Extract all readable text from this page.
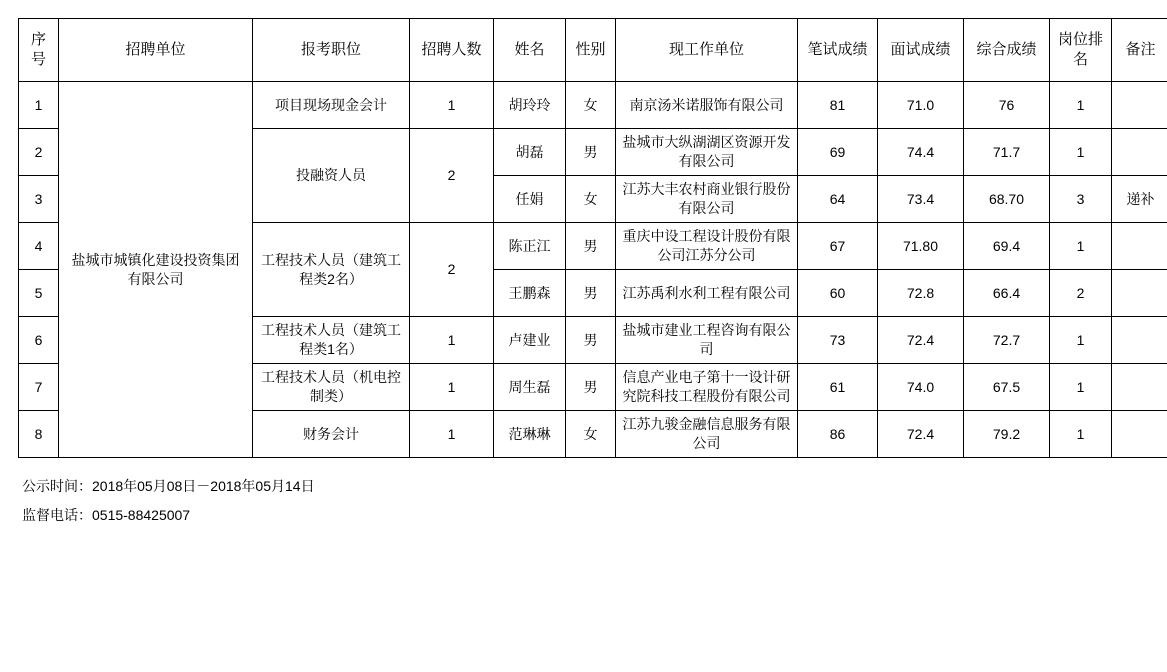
序号	招聘单位	报考职位	招聘人数	姓名	性别	现工作单位	笔试成绩	面试成绩	综合成绩	岗位排名	备注
1	盐城市城镇化建设投资集团有限公司	项目现场现金会计	1	胡玲玲	女	南京汤米诺服饰有限公司	81	71.0	76	1	
2		投融资人员	2	胡磊	男	盐城市大纵湖湖区资源开发有限公司	69	74.4	71.7	1	
3				任娟	女	江苏大丰农村商业银行股份有限公司	64	73.4	68.70	3	递补
4		工程技术人员（建筑工程类2名）	2	陈正江	男	重庆中设工程设计股份有限公司江苏分公司	67	71.80	69.4	1	
5				王鹏森	男	江苏禹利水利工程有限公司	60	72.8	66.4	2	
6		工程技术人员（建筑工程类1名）	1	卢建业	男	盐城市建业工程咨询有限公司	73	72.4	72.7	1	
7		工程技术人员（机电控制类）	1	周生磊	男	信息产业电子第十一设计研究院科技工程股份有限公司	61	74.0	67.5	1	
8		财务会计	1	范琳琳	女	江苏九骏金融信息服务有限公司	86	72.4	79.2	1	
公示时间：2018年05月08日－2018年05月14日
监督电话：0515-88425007
